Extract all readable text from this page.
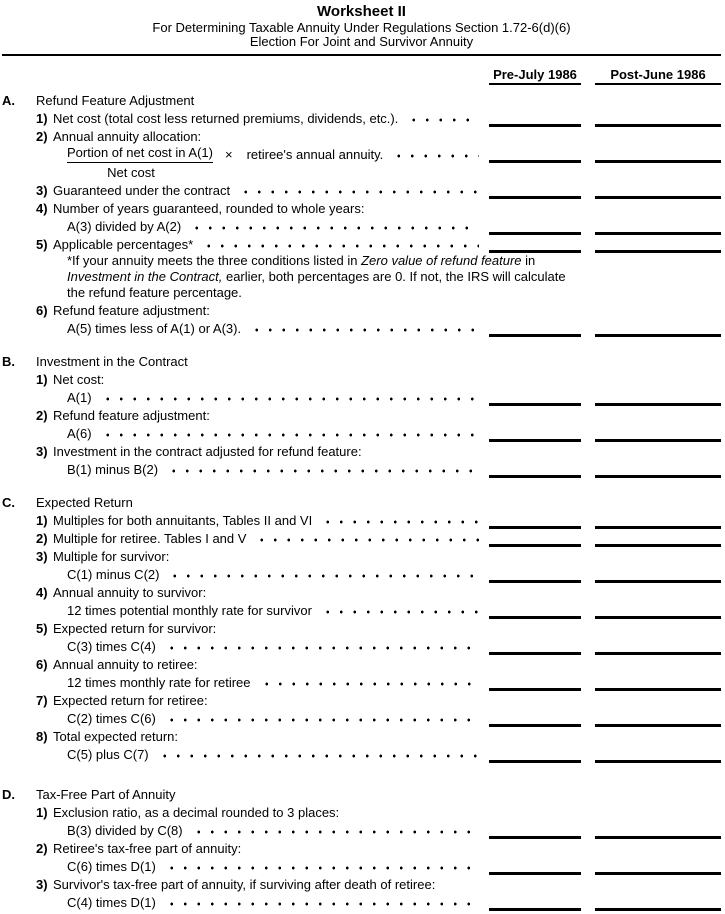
Worksheet II
For Determining Taxable Annuity Under Regulations Section 1.72-6(d)(6)
Election For Joint and Survivor Annuity
Pre-July 1986	Post-June 1986
A.	Refund Feature Adjustment
1) Net cost (total cost less returned premiums, dividends, etc.).
2) Annual annuity allocation:
Portion of net cost in A(1) × retiree's annual annuity.
Net cost
3) Guaranteed under the contract
4) Number of years guaranteed, rounded to whole years:
A(3) divided by A(2)
5) Applicable percentages*
*If your annuity meets the three conditions listed in Zero value of refund feature in Investment in the Contract, earlier, both percentages are 0. If not, the IRS will calculate the refund feature percentage.
6) Refund feature adjustment:
A(5) times less of A(1) or A(3).
B.	Investment in the Contract
1) Net cost:
A(1)
2) Refund feature adjustment:
A(6)
3) Investment in the contract adjusted for refund feature:
B(1) minus B(2)
C.	Expected Return
1) Multiples for both annuitants, Tables II and VI
2) Multiple for retiree. Tables I and V
3) Multiple for survivor:
C(1) minus C(2)
4) Annual annuity to survivor:
12 times potential monthly rate for survivor
5) Expected return for survivor:
C(3) times C(4)
6) Annual annuity to retiree:
12 times monthly rate for retiree
7) Expected return for retiree:
C(2) times C(6)
8) Total expected return:
C(5) plus C(7)
D.	Tax-Free Part of Annuity
1) Exclusion ratio, as a decimal rounded to 3 places:
B(3) divided by C(8)
2) Retiree's tax-free part of annuity:
C(6) times D(1)
3) Survivor's tax-free part of annuity, if surviving after death of retiree:
C(4) times D(1)
